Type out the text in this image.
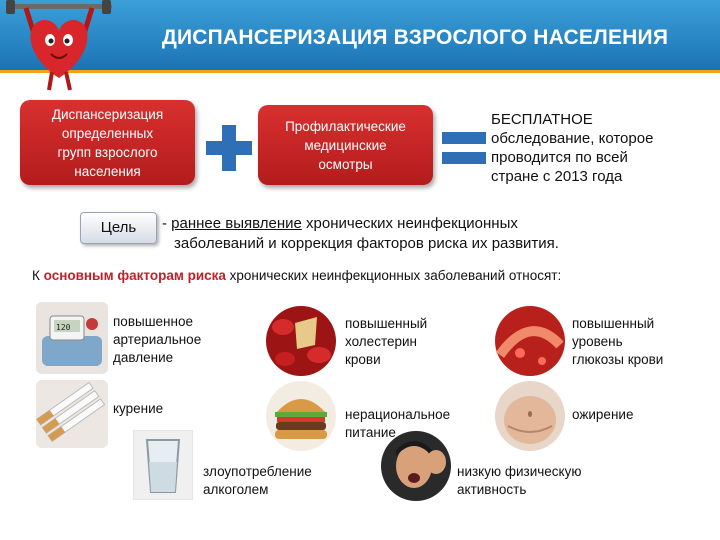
ДИСПАНСЕРИЗАЦИЯ ВЗРОСЛОГО НАСЕЛЕНИЯ
Диспансеризация
определенных
групп взрослого
населения
Профилактические
медицинские
осмотры
БЕСПЛАТНОЕ
обследование, которое
проводится по всей
стране с 2013 года
Цель	- раннее выявление хронических неинфекционных
заболеваний и коррекция факторов риска их развития.
К основным факторам риска хронических неинфекционных заболеваний относят:
120	повышенное
артериальное
давление
повышенный
холестерин
крови
повышенный
уровень
глюкозы крови
курение	нерациональное
питание
ожирение
злоупотребление
алкоголем
низкую физическую
активность
